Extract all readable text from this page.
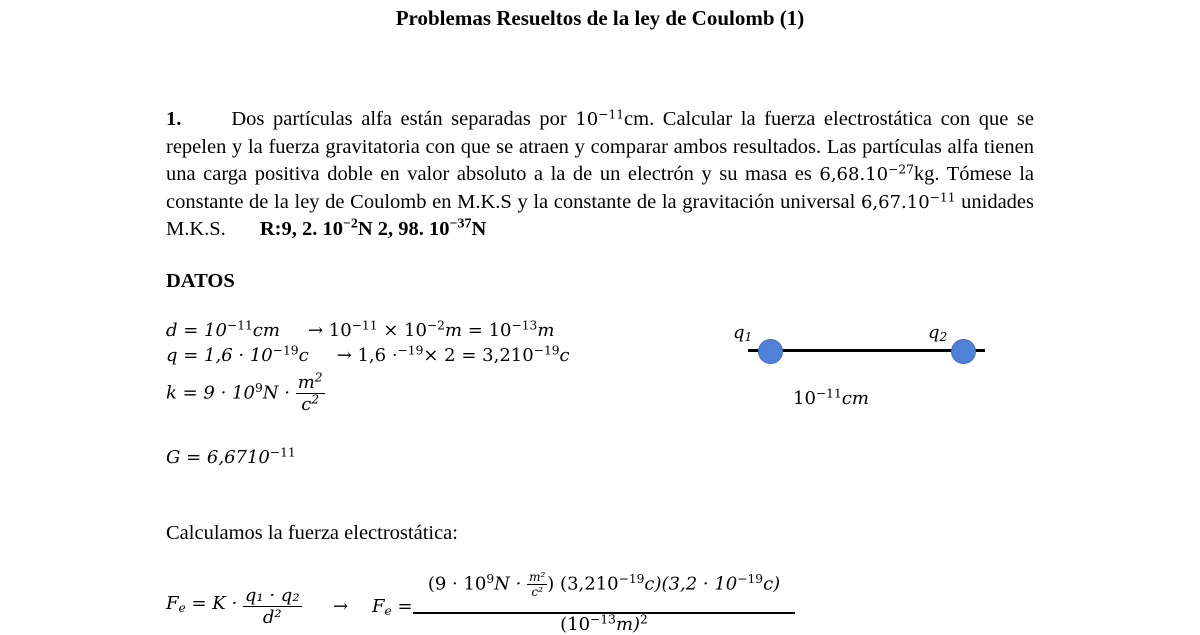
Problemas Resueltos de la ley de Coulomb (1)
1. Dos partículas alfa están separadas por $10^{-11}cm$. Calcular la fuerza electrostática con que se repelen y la fuerza gravitatoria con que se atraen y comparar ambos resultados. Las partículas alfa tienen una carga positiva doble en valor absoluto a la de un electrón y su masa es $6,68.10^{-27}kg$. Tómese la constante de la ley de Coulomb en M.K.S y la constante de la gravitación universal $6,67.10^{-11}$ unidades M.K.S. R:9, 2. $10^{-2}N$ 2, 98. $10^{-37}N$
DATOS
$d = 10^{-11}cm \to 10^{-11} \times 10^{-2}m = 10^{-13}m$
$q = 1,6 \cdot 10^{-19}c \to 1,6 \cdot^{-19}\times 2 = 3,210^{-19}c$
$k = 9 \cdot 10^9N \cdot \frac{m^2}{c^2}$
$G = 6,6710^{-11}$
$q_1$	$q_2$
$10^{-11}cm$
Calculamos la fuerza electrostática:
$F_e = K \cdot \frac{\text{q₁ · q₂}}{\text{d²}} \to F_e$ =
($9 \cdot 10^9N \cdot \frac{\text{m²}}{\text{c²}}$ ) $(3,210^{-19}c)(3,2 \cdot 10^{-19}c)$
$(10^{-13}m)^2$
